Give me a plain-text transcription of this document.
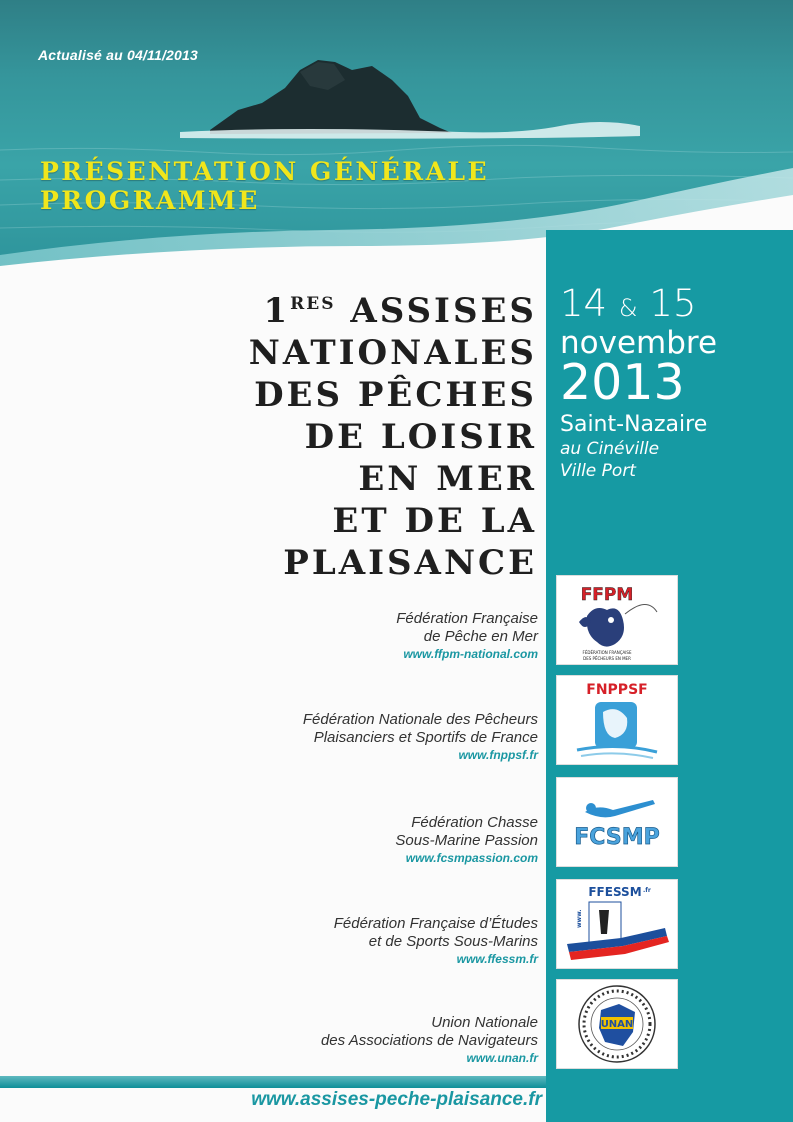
Actualisé au 04/11/2013
PRÉSENTATION GÉNÉRALE
PROGRAMME
14 & 15
novembre
2013
Saint-Nazaire
au Cinéville
Ville Port
1RES ASSISES
NATIONALES
DES PÊCHES
DE LOISIR
EN MER
ET DE LA
PLAISANCE
Fédération Française
de Pêche en Mer
www.ffpm-national.com
FFPM
FÉDÉRATION FRANÇAISE
DES PÊCHEURS EN MER
Fédération Nationale des Pêcheurs
Plaisanciers et Sportifs de France
www.fnppsf.fr
FNPPSF
Fédération Chasse
Sous-Marine Passion
www.fcsmpassion.com
FCSMP
Fédération Française d’Études
et de Sports Sous-Marins
www.ffessm.fr
FFESSM .fr
www.
Union Nationale
des Associations de Navigateurs
www.unan.fr
UNAN
www.assises-peche-plaisance.fr
